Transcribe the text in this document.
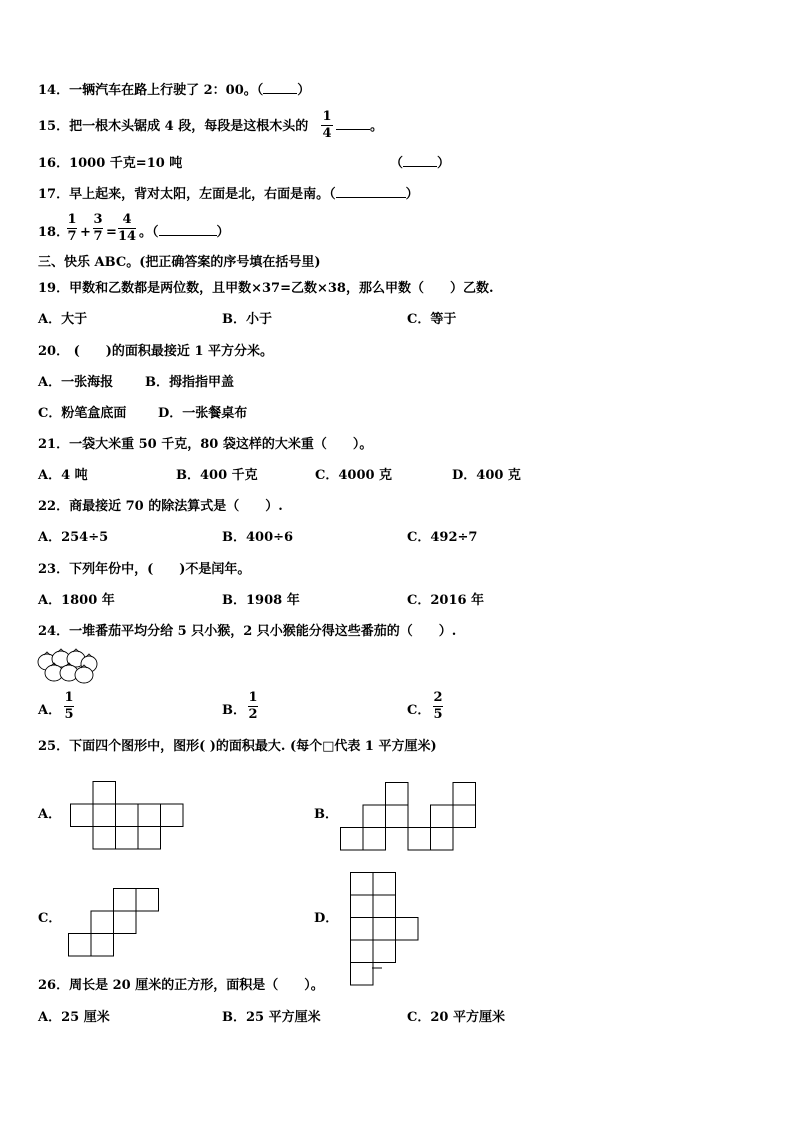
14．一辆汽车在路上行驶了 2：00。（	）
15．把一根木头锯成 4 段，每段是这根木头的
1
4	。
16．1000 千克=10 吨	（	）
17．早上起来，背对太阳，左面是北，右面是南。（	）
18．
1
7 +
3
7 =
4
14 。（	）
三、快乐 ABC。(把正确答案的序号填在括号里)
19．甲数和乙数都是两位数，且甲数×37=乙数×38，那么甲数（　　）乙数.
A．大于	B．小于	C．等于
20． (　　)的面积最接近 1 平方分米。
A．一张海报 B．拇指指甲盖
C．粉笔盒底面 D．一张餐桌布
21．一袋大米重 50 千克，80 袋这样的大米重（　　）。
A．4 吨	B．400 千克	C．4000 克	D．400 克
22．商最接近 70 的除法算式是（　　）.
A．254÷5	B．400÷6	C．492÷7
23．下列年份中，(　　)不是闰年。
A．1800 年	B．1908 年	C．2016 年
24．一堆番茄平均分给 5 只小猴，2 只小猴能分得这些番茄的（　　）.
A．
1
5	B．
1
2	C．
2
5
25．下面四个图形中，图形( )的面积最大. (每个□代表 1 平方厘米)
A．	B．
C．	D．
26．周长是 20 厘米的正方形，面积是（　　）。
A．25 厘米	B．25 平方厘米	C．20 平方厘米
